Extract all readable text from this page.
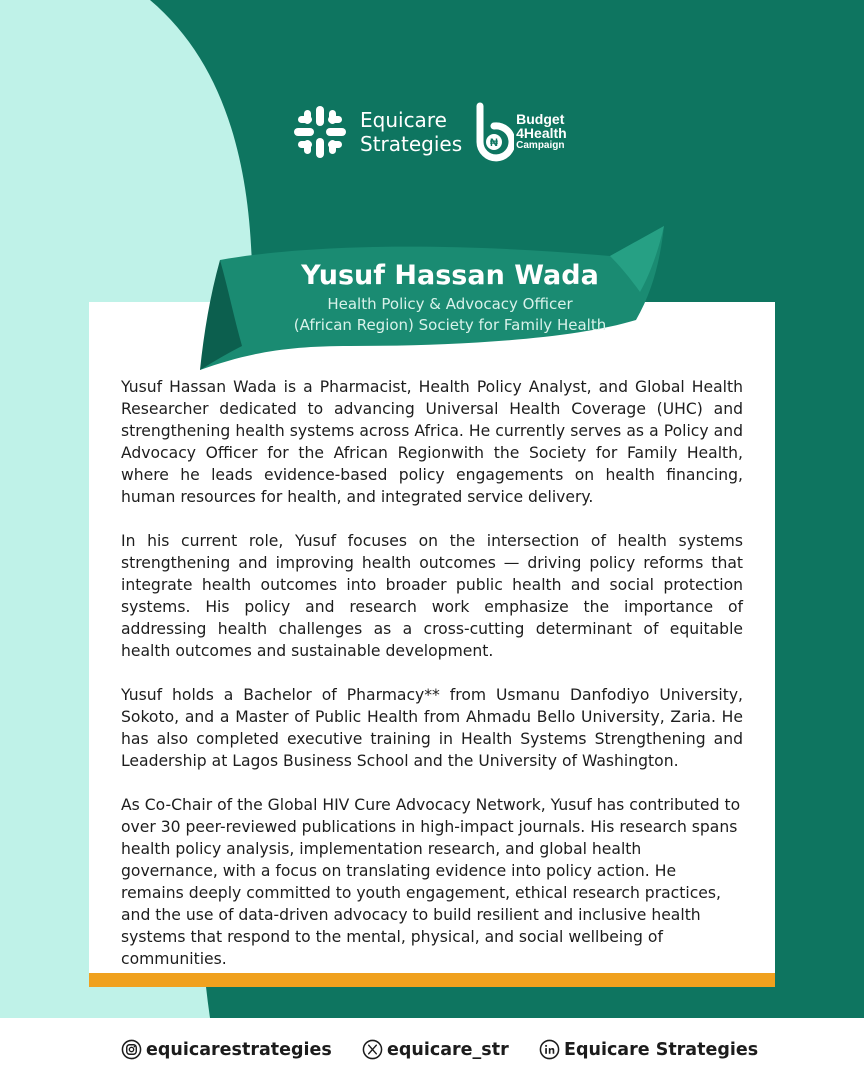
Equicare
Strategies	₦
Budget
4Health
Campaign
Yusuf Hassan Wada
Health Policy & Advocacy Officer
(African Region) Society for Family Health

Yusuf Hassan Wada is a Pharmacist, Health Policy Analyst, and Global Health Researcher dedicated to advancing Universal Health Coverage (UHC) and strengthening health systems across Africa. He currently serves as a Policy and Advocacy Officer for the African Regionwith the Society for Family Health, where he leads evidence-based policy engagements on health financing, human resources for health, and integrated service delivery.

In his current role, Yusuf focuses on the intersection of health systems strengthening and improving health outcomes — driving policy reforms that integrate health outcomes into broader public health and social protection systems. His policy and research work emphasize the importance of addressing health challenges as a cross-cutting determinant of equitable health outcomes and sustainable development.

Yusuf holds a Bachelor of Pharmacy** from Usmanu Danfodiyo University, Sokoto, and a Master of Public Health from Ahmadu Bello University, Zaria. He has also completed executive training in Health Systems Strengthening and Leadership at Lagos Business School and the University of Washington.

As Co-Chair of the Global HIV Cure Advocacy Network, Yusuf has contributed to over 30 peer-reviewed publications in high-impact journals. His research spans health policy analysis, implementation research, and global health governance, with a focus on translating evidence into policy action. He remains deeply committed to youth engagement, ethical research practices, and the use of data-driven advocacy to build resilient and inclusive health systems that respond to the mental, physical, and social wellbeing of communities.

equicarestrategies	equicare_str	Equicare Strategies
